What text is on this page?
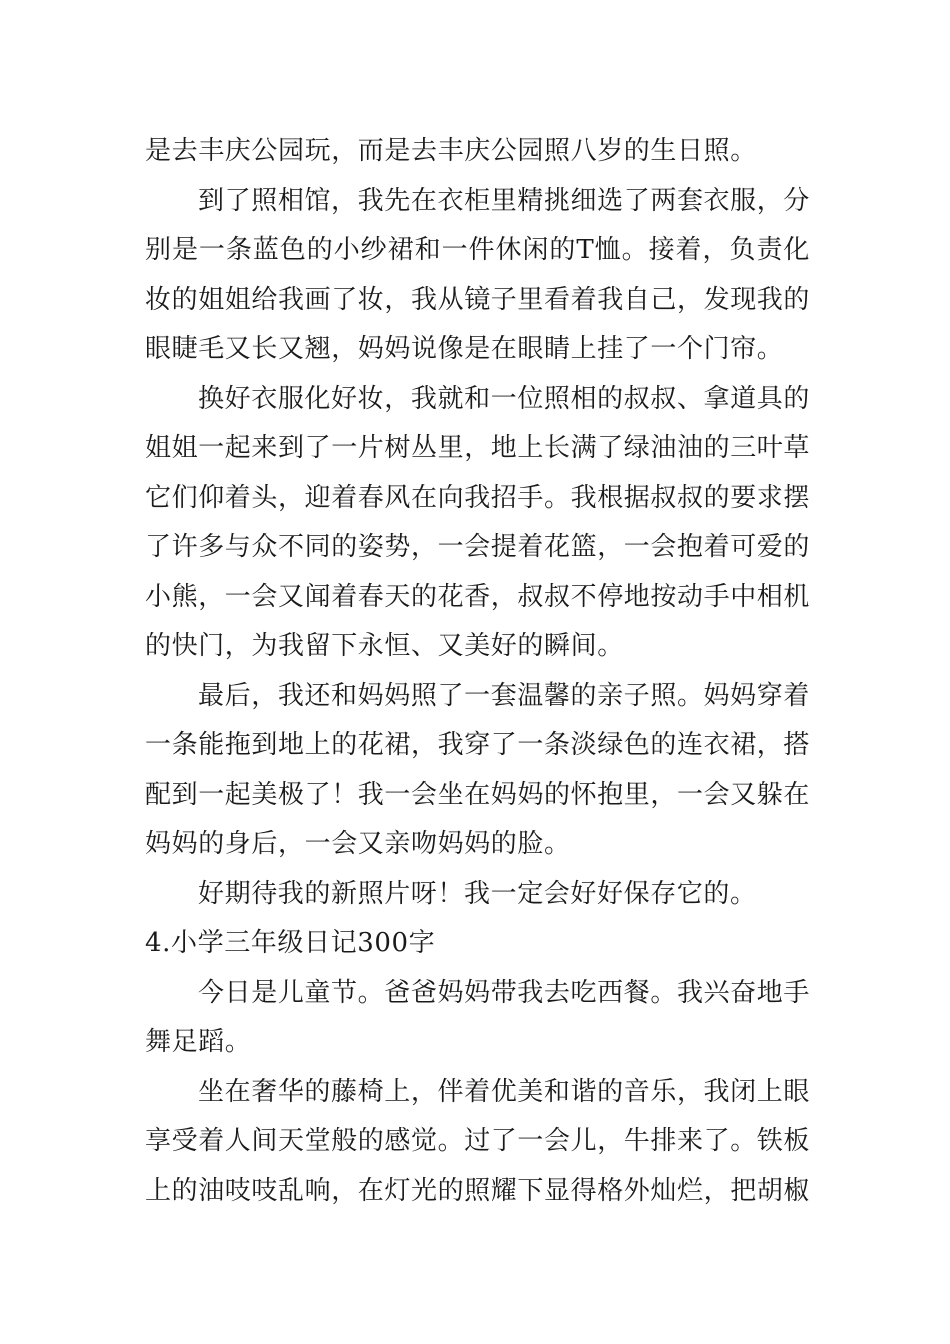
是去丰庆公园玩，而是去丰庆公园照八岁的生日照。

到了照相馆，我先在衣柜里精挑细选了两套衣服，分别是一条蓝色的小纱裙和一件休闲的T恤。接着，负责化妆的姐姐给我画了妆，我从镜子里看着我自己，发现我的眼睫毛又长又翘，妈妈说像是在眼睛上挂了一个门帘。

换好衣服化好妆，我就和一位照相的叔叔、拿道具的姐姐一起来到了一片树丛里，地上长满了绿油油的三叶草它们仰着头，迎着春风在向我招手。我根据叔叔的要求摆了许多与众不同的姿势，一会提着花篮，一会抱着可爱的小熊，一会又闻着春天的花香，叔叔不停地按动手中相机的快门，为我留下永恒、又美好的瞬间。

最后，我还和妈妈照了一套温馨的亲子照。妈妈穿着一条能拖到地上的花裙，我穿了一条淡绿色的连衣裙，搭配到一起美极了！我一会坐在妈妈的怀抱里，一会又躲在妈妈的身后，一会又亲吻妈妈的脸。

好期待我的新照片呀！我一定会好好保存它的。

4.小学三年级日记300字

今日是儿童节。爸爸妈妈带我去吃西餐。我兴奋地手舞足蹈。

坐在奢华的藤椅上，伴着优美和谐的音乐，我闭上眼享受着人间天堂般的感觉。过了一会儿，牛排来了。铁板上的油吱吱乱响，在灯光的照耀下显得格外灿烂，把胡椒
